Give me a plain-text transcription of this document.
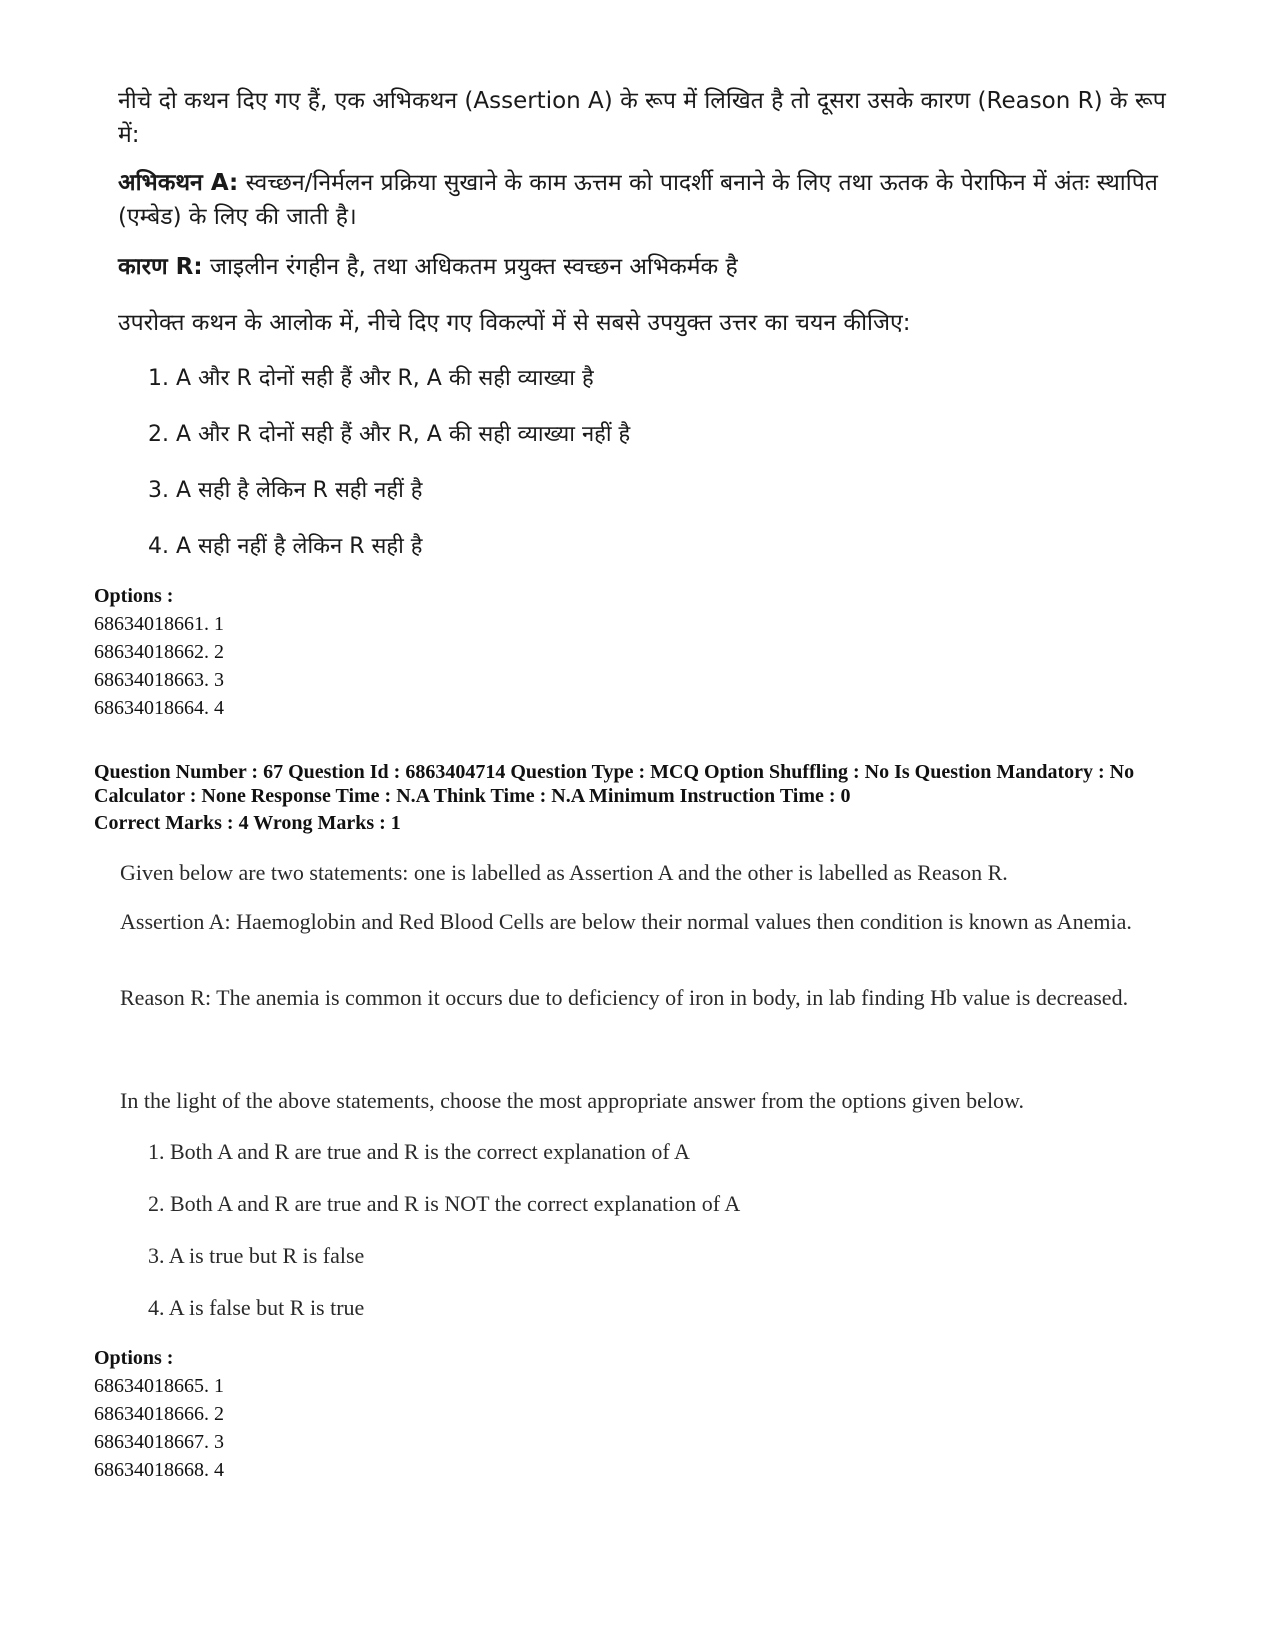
नीचे दो कथन दिए गए हैं, एक अभिकथन (Assertion A) के रूप में लिखित है तो दूसरा उसके कारण (Reason R) के रूप में:
अभिकथन A: स्वच्छन/निर्मलन प्रक्रिया सुखाने के काम ऊत्तम को पादर्शी बनाने के लिए तथा ऊतक के पेराफिन में अंतः स्थापित (एम्बेड) के लिए की जाती है।
कारण R: जाइलीन रंगहीन है, तथा अधिकतम प्रयुक्त स्वच्छन अभिकर्मक है
उपरोक्त कथन के आलोक में, नीचे दिए गए विकल्पों में से सबसे उपयुक्त उत्तर का चयन कीजिए:
1. A और R दोनों सही हैं और R, A की सही व्याख्या है
2. A और R दोनों सही हैं और R, A की सही व्याख्या नहीं है
3. A सही है लेकिन R सही नहीं है
4. A सही नहीं है लेकिन R सही है
Options :
68634018661. 1
68634018662. 2
68634018663. 3
68634018664. 4
Question Number : 67 Question Id : 6863404714 Question Type : MCQ Option Shuffling : No Is Question Mandatory : No Calculator : None Response Time : N.A Think Time : N.A Minimum Instruction Time : 0
Correct Marks : 4 Wrong Marks : 1
Given below are two statements: one is labelled as Assertion A and the other is labelled as Reason R.
Assertion A: Haemoglobin and Red Blood Cells are below their normal values then condition is known as Anemia.
Reason R: The anemia is common it occurs due to deficiency of iron in body, in lab finding Hb value is decreased.
In the light of the above statements, choose the most appropriate answer from the options given below.
1. Both A and R are true and R is the correct explanation of A
2. Both A and R are true and R is NOT the correct explanation of A
3. A is true but R is false
4. A is false but R is true
Options :
68634018665. 1
68634018666. 2
68634018667. 3
68634018668. 4
